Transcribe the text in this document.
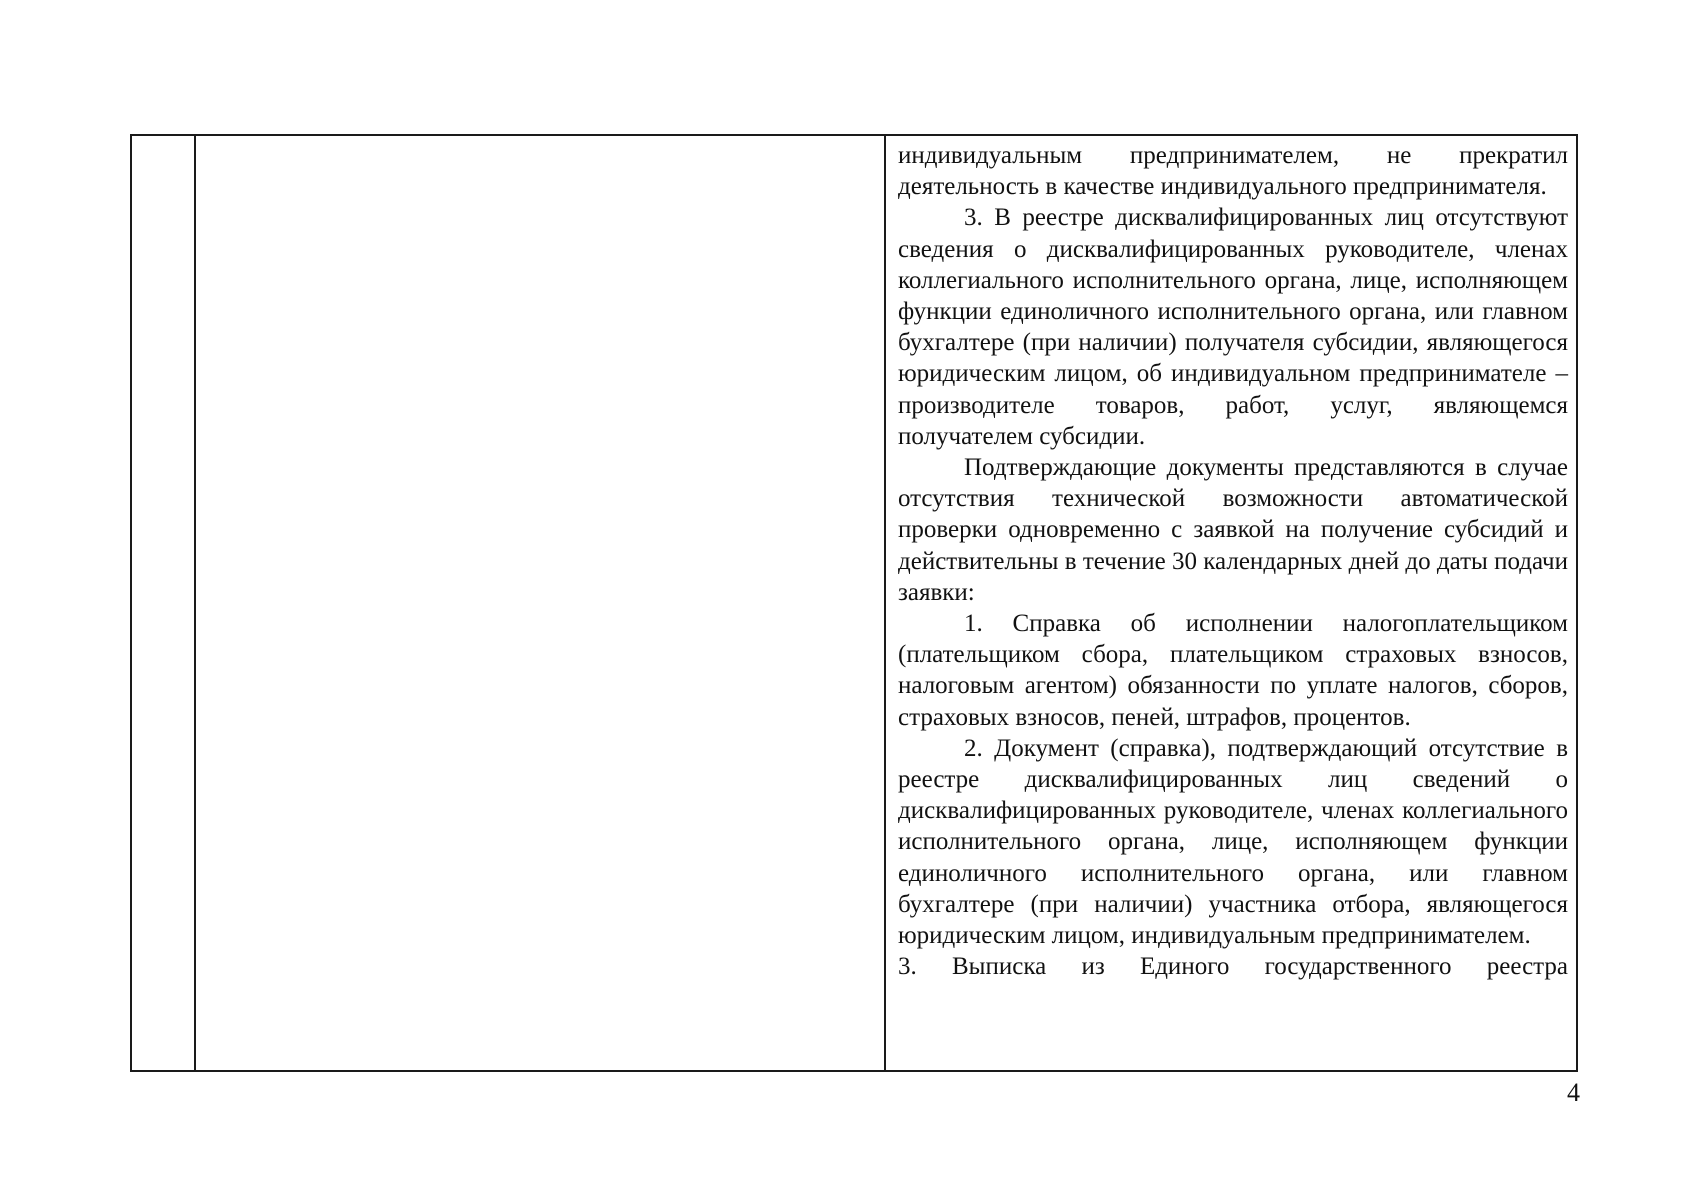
индивидуальным предпринимателем, не прекратил деятельность в качестве индивидуального предпринимателя.

3. В реестре дисквалифицированных лиц отсутствуют сведения о дисквалифицированных руководителе, членах коллегиального исполнительного органа, лице, исполняющем функции единоличного исполнительного органа, или главном бухгалтере (при наличии) получателя субсидии, являющегося юридическим лицом, об индивидуальном предпринимателе – производителе товаров, работ, услуг, являющемся получателем субсидии.

Подтверждающие документы представляются в случае отсутствия технической возможности автоматической проверки одновременно с заявкой на получение субсидий и действительны в течение 30 календарных дней до даты подачи заявки:

1. Справка об исполнении налогоплательщиком (плательщиком сбора, плательщиком страховых взносов, налоговым агентом) обязанности по уплате налогов, сборов, страховых взносов, пеней, штрафов, процентов.

2. Документ (справка), подтверждающий отсутствие в реестре дисквалифицированных лиц сведений о дисквалифицированных руководителе, членах коллегиального исполнительного органа, лице, исполняющем функции единоличного исполнительного органа, или главном бухгалтере (при наличии) участника отбора, являющегося юридическим лицом, индивидуальным предпринимателем.

3. Выписка из Единого государственного реестра

4
